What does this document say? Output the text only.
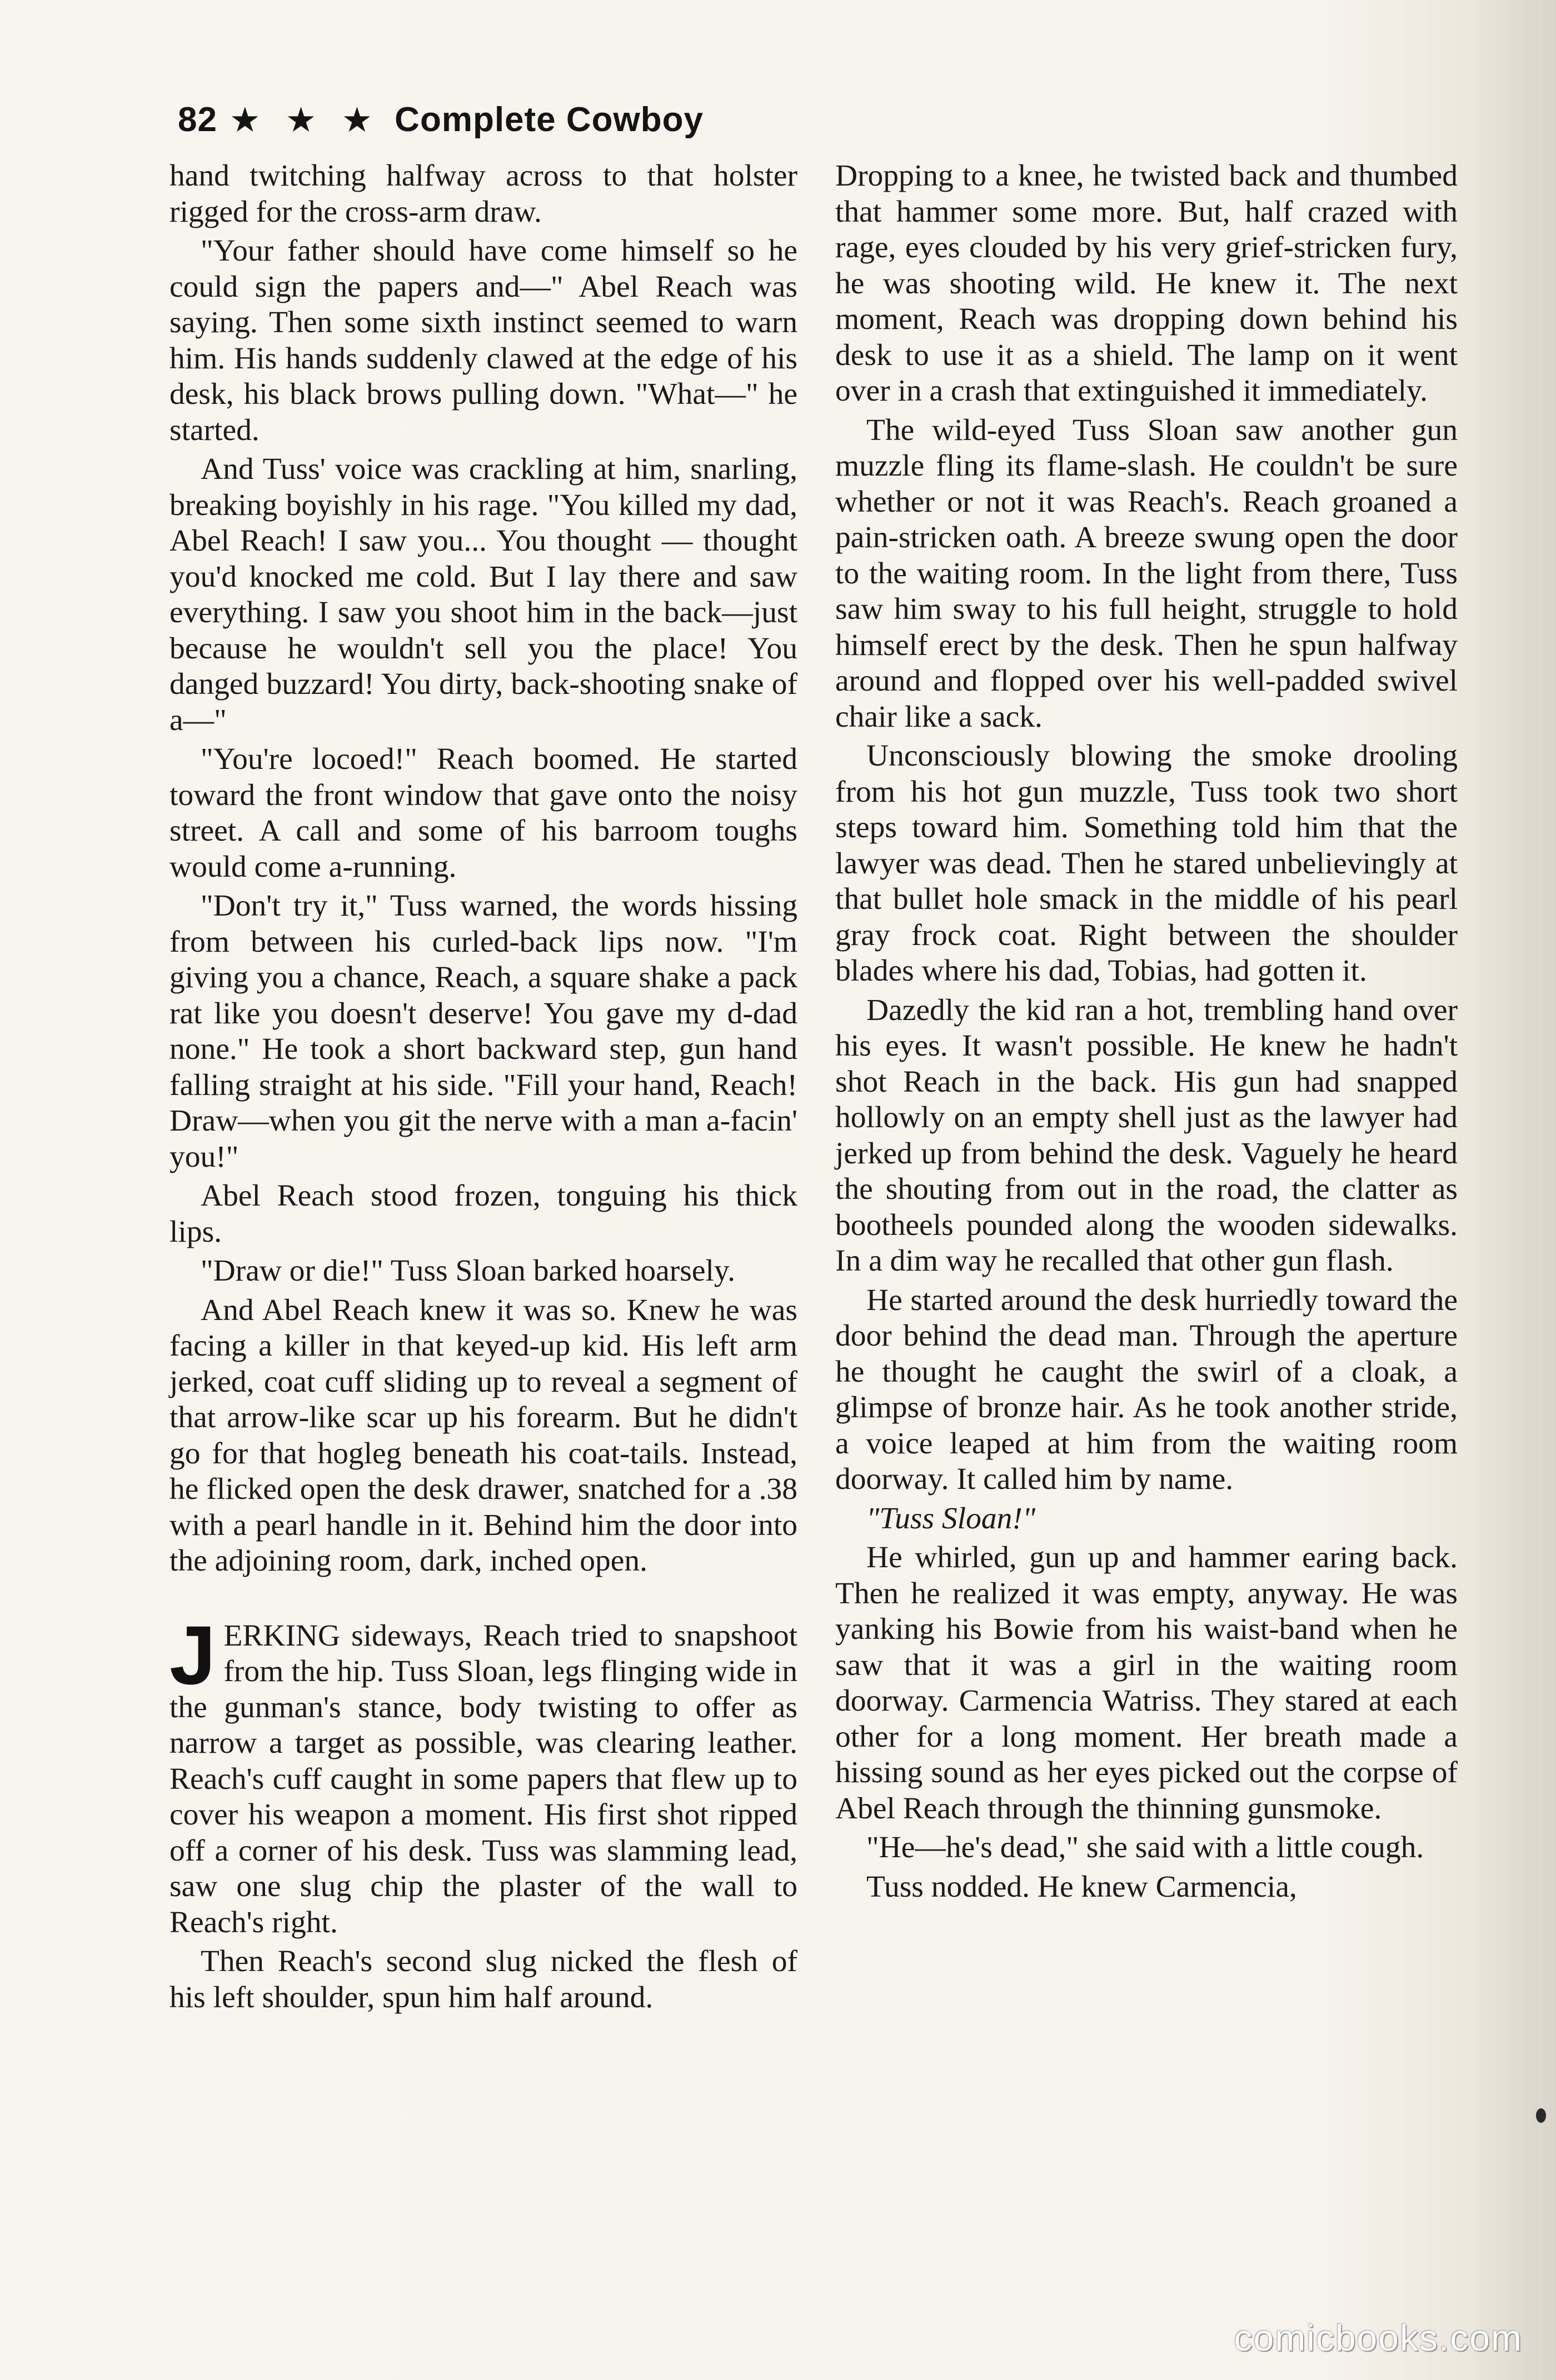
82 ★ ★ ★ Complete Cowboy

hand twitching halfway across to that holster rigged for the cross-arm draw.

"Your father should have come himself so he could sign the papers and—" Abel Reach was saying. Then some sixth instinct seemed to warn him. His hands suddenly clawed at the edge of his desk, his black brows pulling down. "What—" he started.

And Tuss' voice was crackling at him, snarling, breaking boyishly in his rage. "You killed my dad, Abel Reach! I saw you... You thought — thought you'd knocked me cold. But I lay there and saw everything. I saw you shoot him in the back—just because he wouldn't sell you the place! You danged buzzard! You dirty, back-shooting snake of a—"

"You're locoed!" Reach boomed. He started toward the front window that gave onto the noisy street. A call and some of his barroom toughs would come a-running.

"Don't try it," Tuss warned, the words hissing from between his curled-back lips now. "I'm giving you a chance, Reach, a square shake a pack rat like you doesn't deserve! You gave my d-dad none." He took a short backward step, gun hand falling straight at his side. "Fill your hand, Reach! Draw—when you git the nerve with a man a-facin' you!"

Abel Reach stood frozen, tonguing his thick lips.

"Draw or die!" Tuss Sloan barked hoarsely.

And Abel Reach knew it was so. Knew he was facing a killer in that keyed-up kid. His left arm jerked, coat cuff sliding up to reveal a segment of that arrow-like scar up his forearm. But he didn't go for that hogleg beneath his coat-tails. Instead, he flicked open the desk drawer, snatched for a .38 with a pearl handle in it. Behind him the door into the adjoining room, dark, inched open.

J ERKING sideways, Reach tried to snapshoot from the hip. Tuss Sloan, legs flinging wide in the gunman's stance, body twisting to offer as narrow a target as possible, was clearing leather. Reach's cuff caught in some papers that flew up to cover his weapon a moment. His first shot ripped off a corner of his desk. Tuss was slamming lead, saw one slug chip the plaster of the wall to Reach's right.

Then Reach's second slug nicked the flesh of his left shoulder, spun him half around.

Dropping to a knee, he twisted back and thumbed that hammer some more. But, half crazed with rage, eyes clouded by his very grief-stricken fury, he was shooting wild. He knew it. The next moment, Reach was dropping down behind his desk to use it as a shield. The lamp on it went over in a crash that extinguished it immediately.

The wild-eyed Tuss Sloan saw another gun muzzle fling its flame-slash. He couldn't be sure whether or not it was Reach's. Reach groaned a pain-stricken oath. A breeze swung open the door to the waiting room. In the light from there, Tuss saw him sway to his full height, struggle to hold himself erect by the desk. Then he spun halfway around and flopped over his well-padded swivel chair like a sack.

Unconsciously blowing the smoke drooling from his hot gun muzzle, Tuss took two short steps toward him. Something told him that the lawyer was dead. Then he stared unbelievingly at that bullet hole smack in the middle of his pearl gray frock coat. Right between the shoulder blades where his dad, Tobias, had gotten it.

Dazedly the kid ran a hot, trembling hand over his eyes. It wasn't possible. He knew he hadn't shot Reach in the back. His gun had snapped hollowly on an empty shell just as the lawyer had jerked up from behind the desk. Vaguely he heard the shouting from out in the road, the clatter as bootheels pounded along the wooden sidewalks. In a dim way he recalled that other gun flash.

He started around the desk hurriedly toward the door behind the dead man. Through the aperture he thought he caught the swirl of a cloak, a glimpse of bronze hair. As he took another stride, a voice leaped at him from the waiting room doorway. It called him by name.

"Tuss Sloan!"

He whirled, gun up and hammer earing back. Then he realized it was empty, anyway. He was yanking his Bowie from his waist-band when he saw that it was a girl in the waiting room doorway. Carmencia Watriss. They stared at each other for a long moment. Her breath made a hissing sound as her eyes picked out the corpse of Abel Reach through the thinning gunsmoke.

"He—he's dead," she said with a little cough.

Tuss nodded. He knew Carmencia,

comicbooks.com
